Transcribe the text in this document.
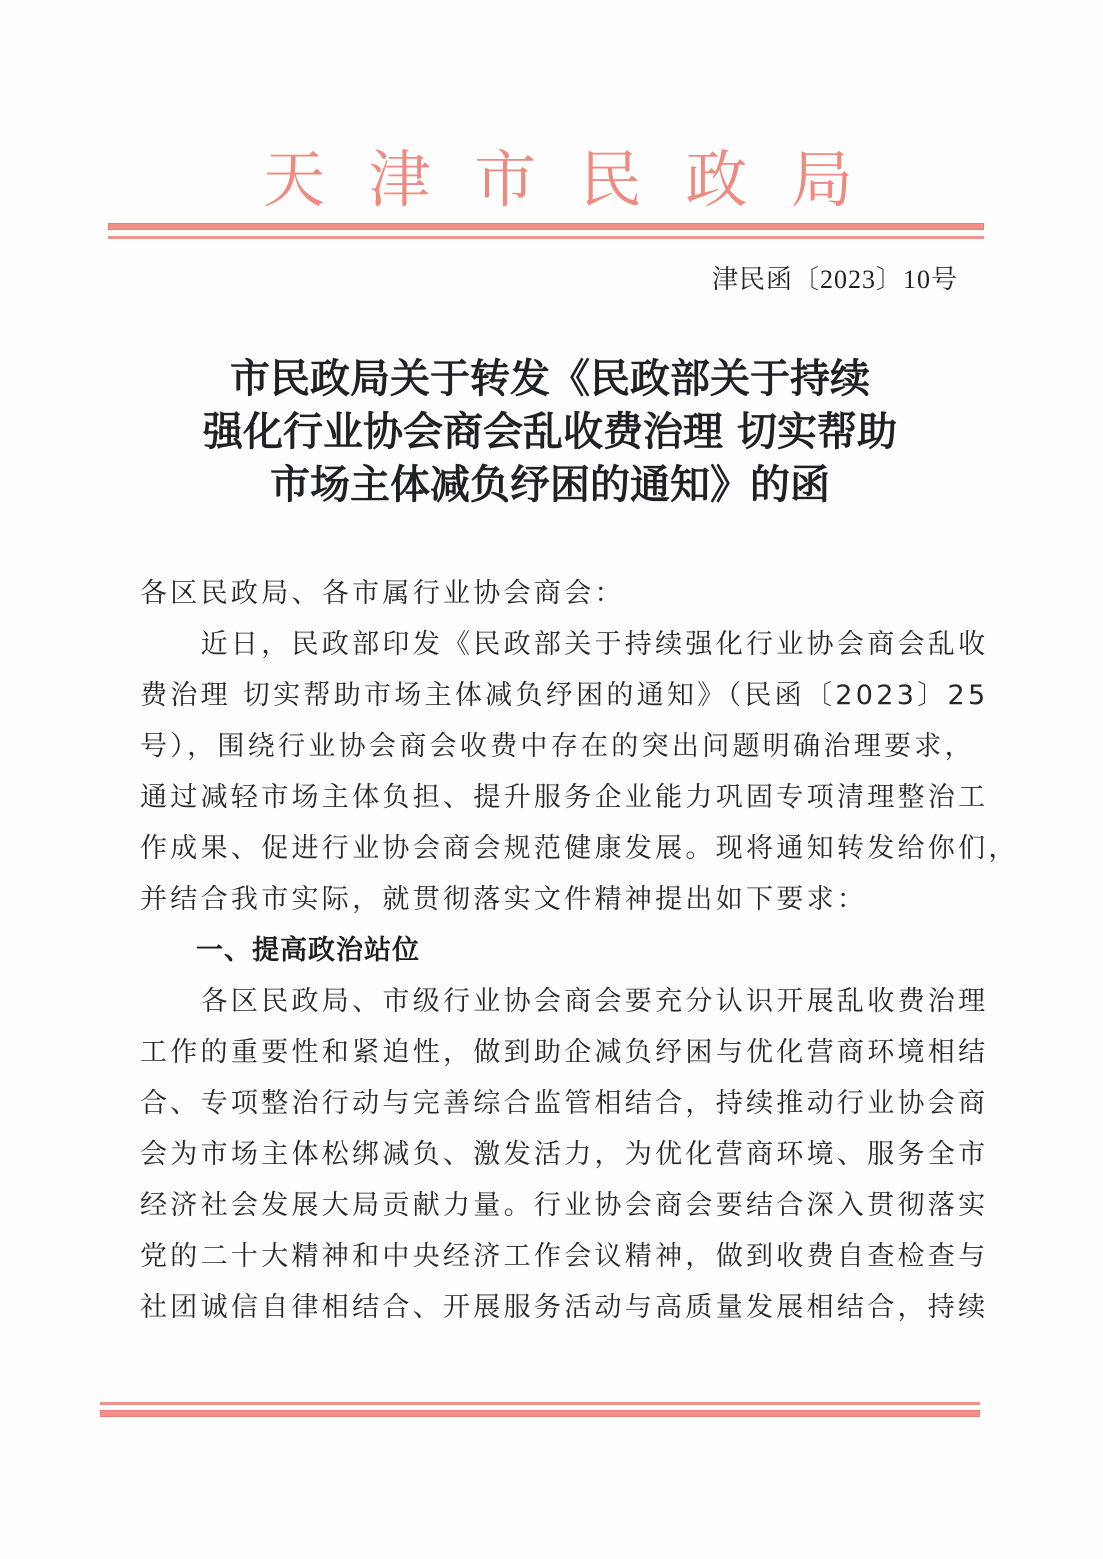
天 津 市 民 政 局
津民函〔2023〕10号
市民政局关于转发《民政部关于持续
强化行业协会商会乱收费治理 切实帮助
市场主体减负纾困的通知》的函
各区民政局、各市属行业协会商会：
　　近日，民政部印发《民政部关于持续强化行业协会商会乱收
费治理 切实帮助市场主体减负纾困的通知》（民函〔2023〕25
号），围绕行业协会商会收费中存在的突出问题明确治理要求，
通过减轻市场主体负担、提升服务企业能力巩固专项清理整治工
作成果、促进行业协会商会规范健康发展。现将通知转发给你们，
并结合我市实际，就贯彻落实文件精神提出如下要求：
　　一、提高政治站位
　　各区民政局、市级行业协会商会要充分认识开展乱收费治理
工作的重要性和紧迫性，做到助企减负纾困与优化营商环境相结
合、专项整治行动与完善综合监管相结合，持续推动行业协会商
会为市场主体松绑减负、激发活力，为优化营商环境、服务全市
经济社会发展大局贡献力量。行业协会商会要结合深入贯彻落实
党的二十大精神和中央经济工作会议精神，做到收费自查检查与
社团诚信自律相结合、开展服务活动与高质量发展相结合，持续
